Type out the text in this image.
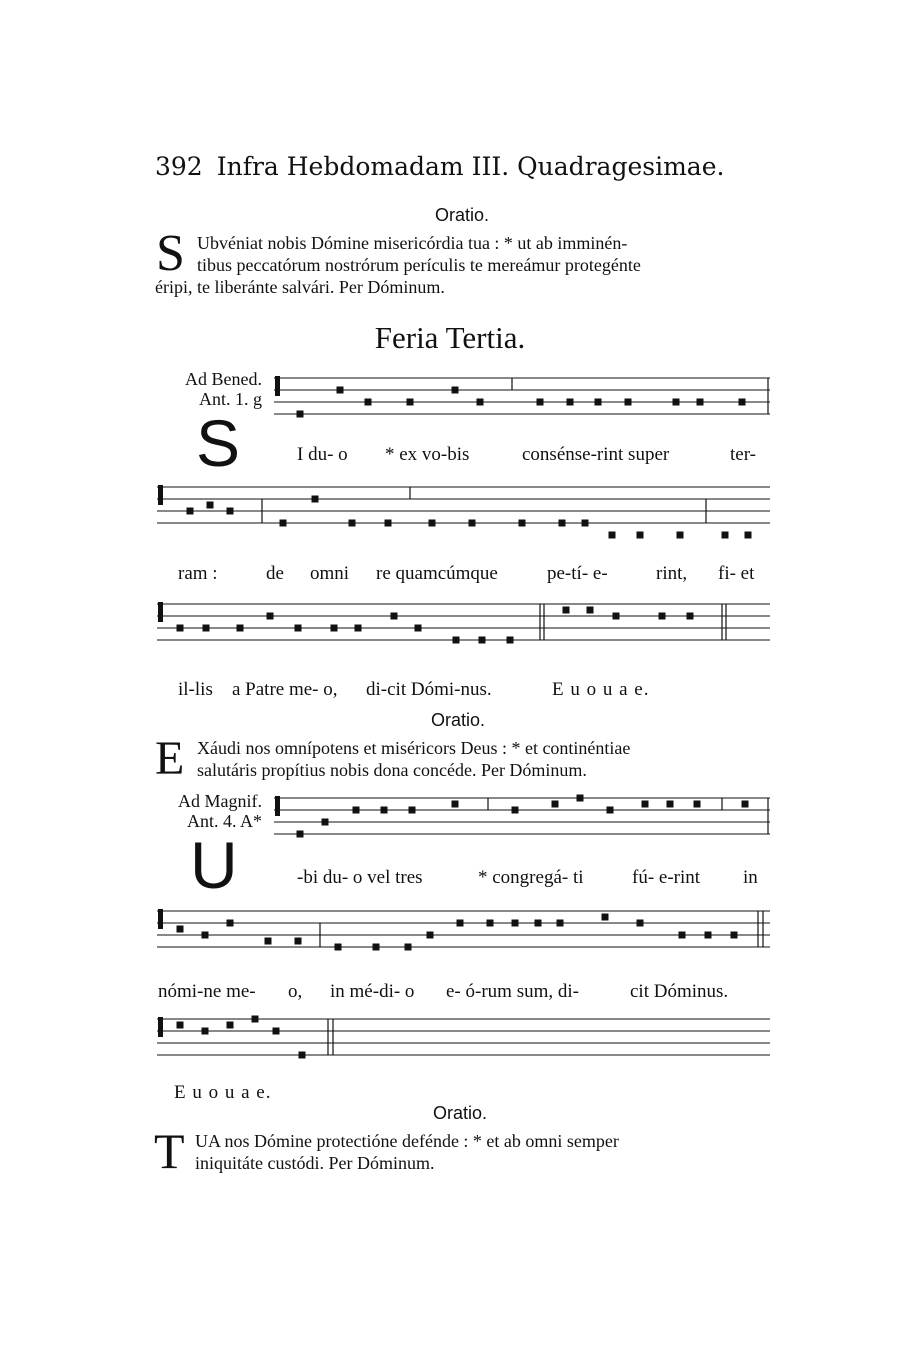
392 Infra Hebdomadam III. Quadragesimae.
Oratio.
S Ubvéniat nobis Dómine misericórdia tua : * ut ab imminén-
tibus peccatórum nostrórum perículis te mereámur protegénte
éripi, te liberánte salvári. Per Dóminum.
Feria Tertia.
Ad Bened.
Ant. 1. g
S	I du- o * ex vo-bis	consénse-rint super	ter-
ram :	de omni re quamcúmque	pe-tí- e-	rint, fi- et
il-lis a Patre me- o, di-cit Dómi-nus.	E u o u a e.
Oratio.
E Xáudi nos omnípotens et miséricors Deus : * et continéntiae
salutáris propítius nobis dona concéde. Per Dóminum.
Ad Magnif.
Ant. 4. A*
U	-bi du- o vel tres	* congregá- ti	fú- e-rint in
nómi-ne me- o, in mé-di- o e- ó-rum sum, di-	cit Dóminus.
E u o u a e.
Oratio.
T UA nos Dómine protectióne defénde : * et ab omni semper
iniquitáte custódi. Per Dóminum.
